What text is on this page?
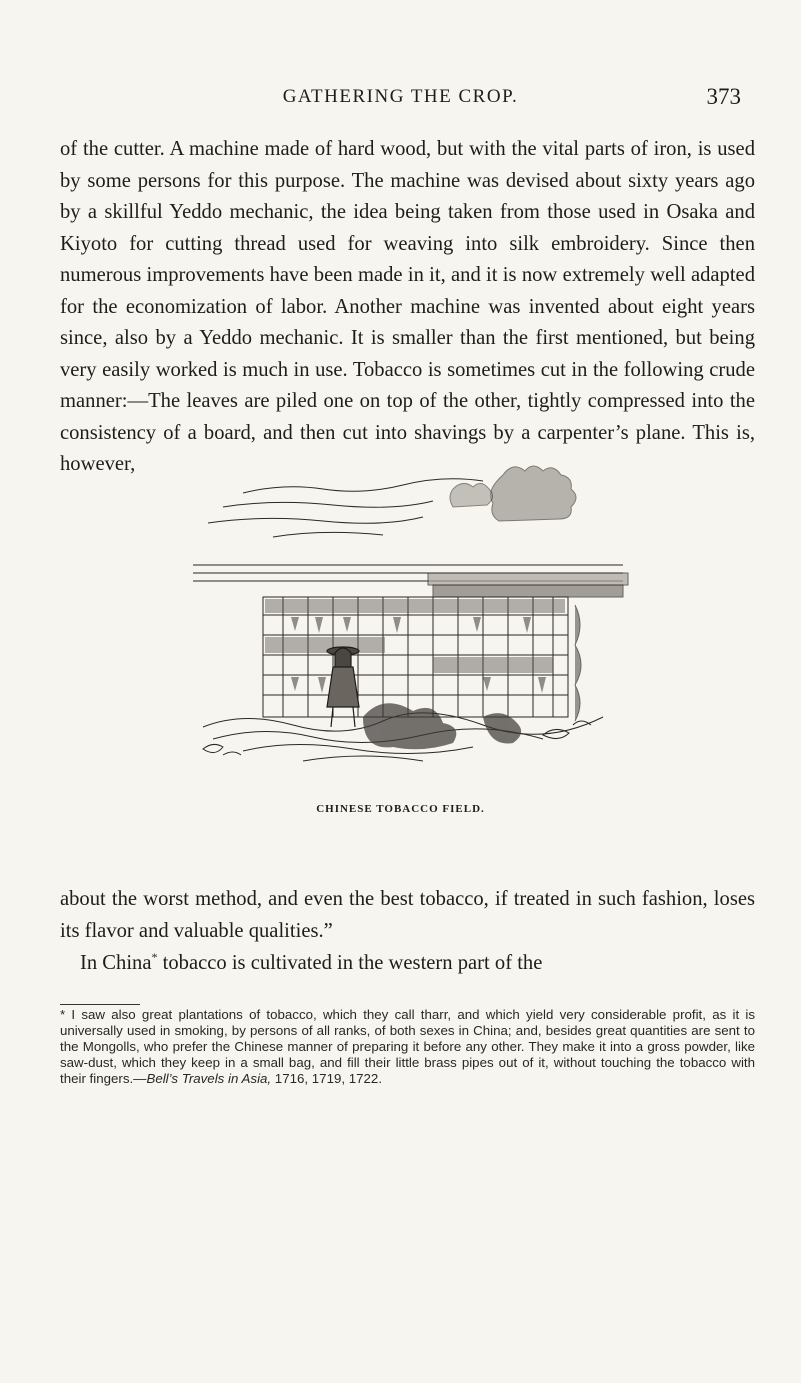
GATHERING THE CROP.	373

of the cutter. A machine made of hard wood, but with the vital parts of iron, is used by some persons for this purpose. The machine was devised about sixty years ago by a skillful Yeddo mechanic, the idea being taken from those used in Osaka and Kiyoto for cutting thread used for weaving into silk embroidery. Since then numerous improvements have been made in it, and it is now extremely well adapted for the economization of labor. Another machine was invented about eight years since, also by a Yeddo mechanic. It is smaller than the first mentioned, but being very easily worked is much in use. Tobacco is sometimes cut in the following crude manner:—The leaves are piled one on top of the other, tightly compressed into the consistency of a board, and then cut into shavings by a carpenter’s plane. This is, however,

CHINESE TOBACCO FIELD.

about the worst method, and even the best tobacco, if treated in such fashion, loses its flavor and valuable qualities.”

In China* tobacco is cultivated in the western part of the

* I saw also great plantations of tobacco, which they call tharr, and which yield very considerable profit, as it is universally used in smoking, by persons of all ranks, of both sexes in China; and, besides great quantities are sent to the Mongolls, who prefer the Chinese manner of preparing it before any other. They make it into a gross powder, like saw-dust, which they keep in a small bag, and fill their little brass pipes out of it, without touching the tobacco with their fingers.—Bell’s Travels in Asia, 1716, 1719, 1722.
